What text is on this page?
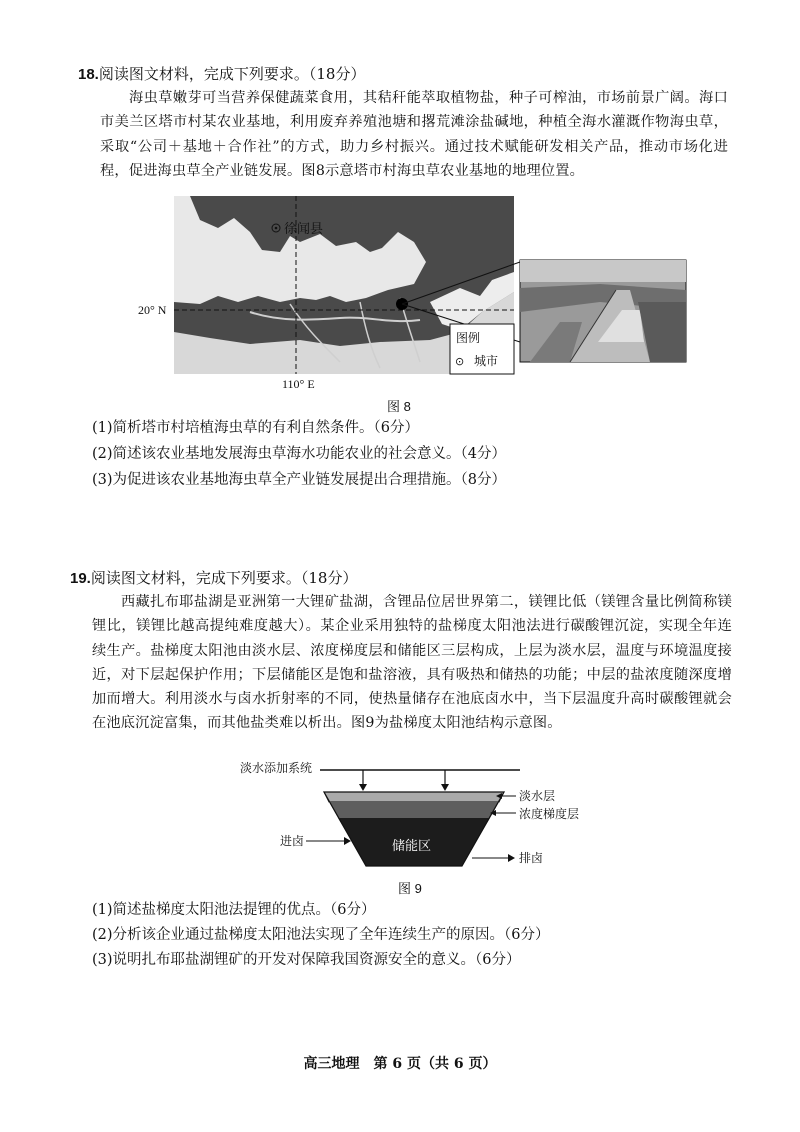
18.阅读图文材料，完成下列要求。（18分）
海虫草嫩芽可当营养保健蔬菜食用，其秸秆能萃取植物盐，种子可榨油，市场前景广阔。海口市美兰区塔市村某农业基地，利用废弃养殖池塘和撂荒滩涂盐碱地，种植全海水灌溉作物海虫草，采取“公司＋基地＋合作社”的方式，助力乡村振兴。通过技术赋能研发相关产品，推动市场化进程，促进海虫草全产业链发展。图8示意塔市村海虫草农业基地的地理位置。
徐闻县
20° N
110° E
图例
⊙ 城市
图 8
(1)简析塔市村培植海虫草的有利自然条件。（6分）
(2)简述该农业基地发展海虫草海水功能农业的社会意义。（4分）
(3)为促进该农业基地海虫草全产业链发展提出合理措施。（8分）
19.阅读图文材料，完成下列要求。（18分）
西藏扎布耶盐湖是亚洲第一大锂矿盐湖，含锂品位居世界第二，镁锂比低（镁锂含量比例简称镁锂比，镁锂比越高提纯难度越大）。某企业采用独特的盐梯度太阳池法进行碳酸锂沉淀，实现全年连续生产。盐梯度太阳池由淡水层、浓度梯度层和储能区三层构成，上层为淡水层，温度与环境温度接近，对下层起保护作用；下层储能区是饱和盐溶液，具有吸热和储热的功能；中层的盐浓度随深度增加而增大。利用淡水与卤水折射率的不同，使热量储存在池底卤水中，当下层温度升高时碳酸锂就会在池底沉淀富集，而其他盐类难以析出。图9为盐梯度太阳池结构示意图。
淡水添加系统
淡水层
浓度梯度层
储能区
进卤
排卤
图 9
(1)简述盐梯度太阳池法提锂的优点。（6分）
(2)分析该企业通过盐梯度太阳池法实现了全年连续生产的原因。（6分）
(3)说明扎布耶盐湖锂矿的开发对保障我国资源安全的意义。（6分）
高三地理　第 6 页（共 6 页）
